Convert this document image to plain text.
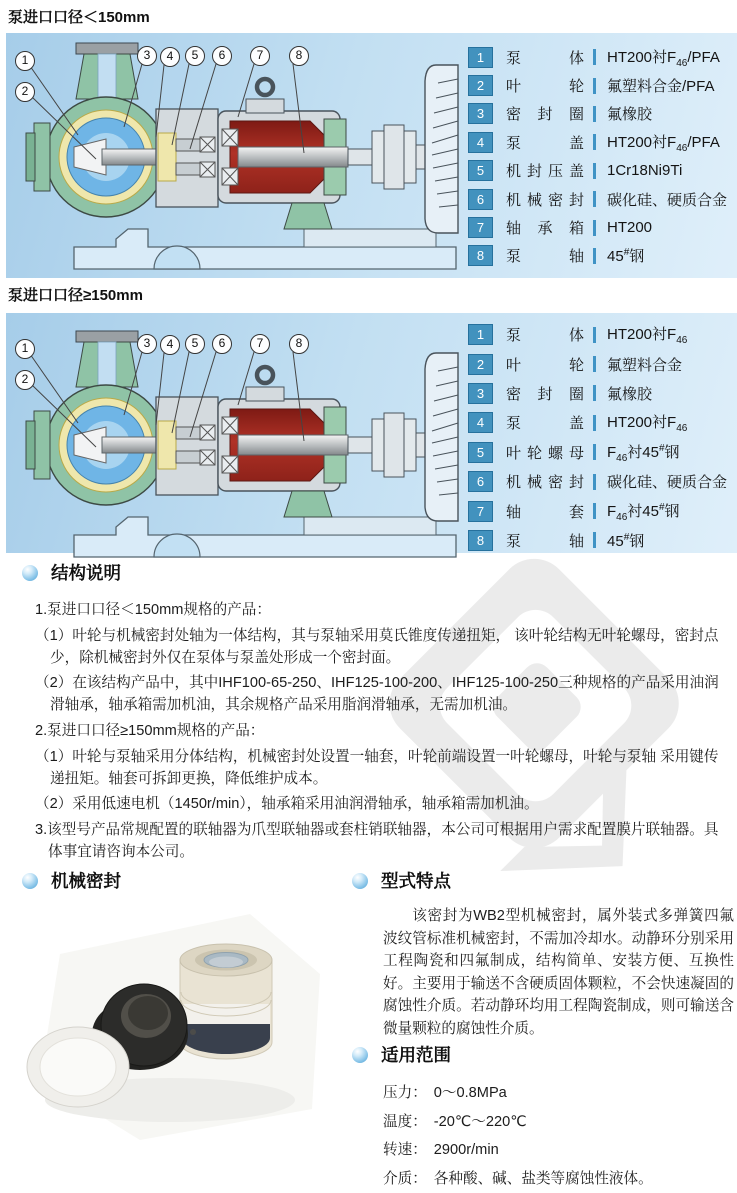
泵进口口径＜150mm
1
2
3	4	5	6	7	8	1	泵体 HT200衬$F_{46}$/PFA
2	叶轮 氟塑料合金/PFA
3	密封圈 氟橡胶
4	泵盖 HT200衬$F_{46}$/PFA
5	机封压盖 1Cr18Ni9Ti
6	机械密封 碳化硅、硬质合金
7	轴承箱 HT200
8	泵轴 45#钢
泵进口口径≥150mm
1
2
3	4	5	6	7	8
1	泵体 HT200衬$F_{46}$
2	叶轮 氟塑料合金
3	密封圈 氟橡胶
4	泵盖 HT200衬$F_{46}$
5	叶轮螺母 $F_{46}$衬45#钢
6	机械密封 碳化硅、硬质合金
7	轴套 $F_{46}$衬45#钢
8	泵轴 45#钢
结构说明
1.泵进口口径＜150mm规格的产品：
（1）叶轮与机械密封处轴为一体结构，其与泵轴采用莫氏锥度传递扭矩， 该叶轮结构无叶轮螺母，密封点少，除机械密封外仅在泵体与泵盖处形成一个密封面。
（2）在该结构产品中，其中IHF100-65-250、IHF125-100-200、IHF125-100-250三种规格的产品采用油润滑轴承，轴承箱需加机油，其余规格产品采用脂润滑轴承，无需加机油。
2.泵进口口径≥150mm规格的产品：
（1）叶轮与泵轴采用分体结构，机械密封处设置一轴套，叶轮前端设置一叶轮螺母，叶轮与泵轴 采用键传递扭矩。轴套可拆卸更换，降低维护成本。
（2）采用低速电机（1450r/min），轴承箱采用油润滑轴承，轴承箱需加机油。
3.该型号产品常规配置的联轴器为爪型联轴器或套柱销联轴器，本公司可根据用户需求配置膜片联轴器。具体事宜请咨询本公司。
机械密封	型式特点

该密封为WB2型机械密封，属外装式多弹簧四氟波纹管标准机械密封，不需加冷却水。动静环分别采用工程陶瓷和四氟制成，结构简单、安装方便、互换性好。主要用于输送不含硬质固体颗粒，不会快速凝固的腐蚀性介质。若动静环均用工程陶瓷制成，则可输送含微量颗粒的腐蚀性介质。

适用范围
压力： 0～0.8MPa
温度： -20℃～220℃
转速： 2900r/min
介质： 各种酸、碱、盐类等腐蚀性液体。
